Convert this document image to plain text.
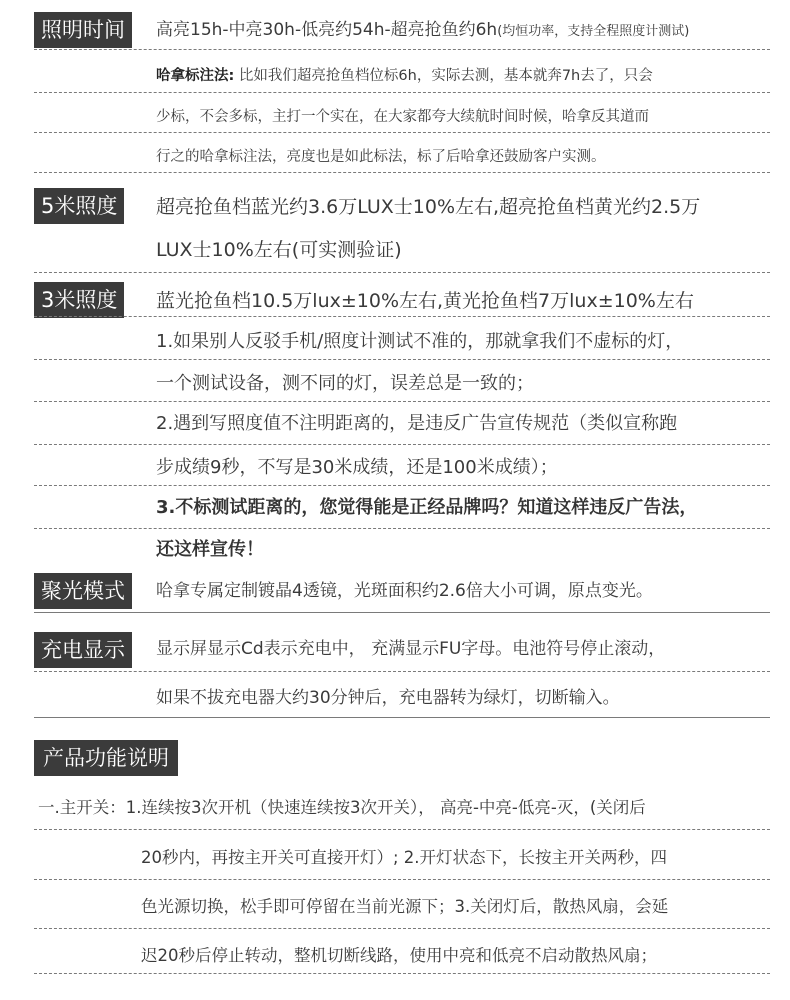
照明时间	高亮15h-中亮30h-低亮约54h-超亮抢鱼约6h(均恒功率，支持全程照度计测试)
哈拿标注法: 比如我们超亮抢鱼档位标6h，实际去测，基本就奔7h去了，只会
少标，不会多标，主打一个实在，在大家都夸大续航时间时候，哈拿反其道而
行之的哈拿标注法，亮度也是如此标法，标了后哈拿还鼓励客户实测。
5米照度	超亮抢鱼档蓝光约3.6万LUX士10%左右,超亮抢鱼档黄光约2.5万
LUX士10%左右(可实测验证)
3米照度	蓝光抢鱼档10.5万lux±10%左右,黄光抢鱼档7万lux±10%左右
1.如果别人反驳手机/照度计测试不准的，那就拿我们不虚标的灯，
一个测试设备，测不同的灯，误差总是一致的；
2.遇到写照度值不注明距离的，是违反广告宣传规范（类似宣称跑
步成绩9秒，不写是30米成绩，还是100米成绩）；
3.不标测试距离的，您觉得能是正经品牌吗？知道这样违反广告法，
还这样宣传！
聚光模式	哈拿专属定制镀晶4透镜，光斑面积约2.6倍大小可调，原点变光。
充电显示	显示屏显示Cd表示充电中， 充满显示FU字母。电池符号停止滚动，
如果不拔充电器大约30分钟后，充电器转为绿灯，切断输入。
产品功能说明
一.主开关：1.连续按3次开机（快速连续按3次开关）， 高亮-中亮-低亮-灭，(关闭后
20秒内，再按主开关可直接开灯）; 2.开灯状态下，长按主开关两秒，四
色光源切换，松手即可停留在当前光源下；3.关闭灯后，散热风扇，会延
迟20秒后停止转动，整机切断线路，使用中亮和低亮不启动散热风扇；
